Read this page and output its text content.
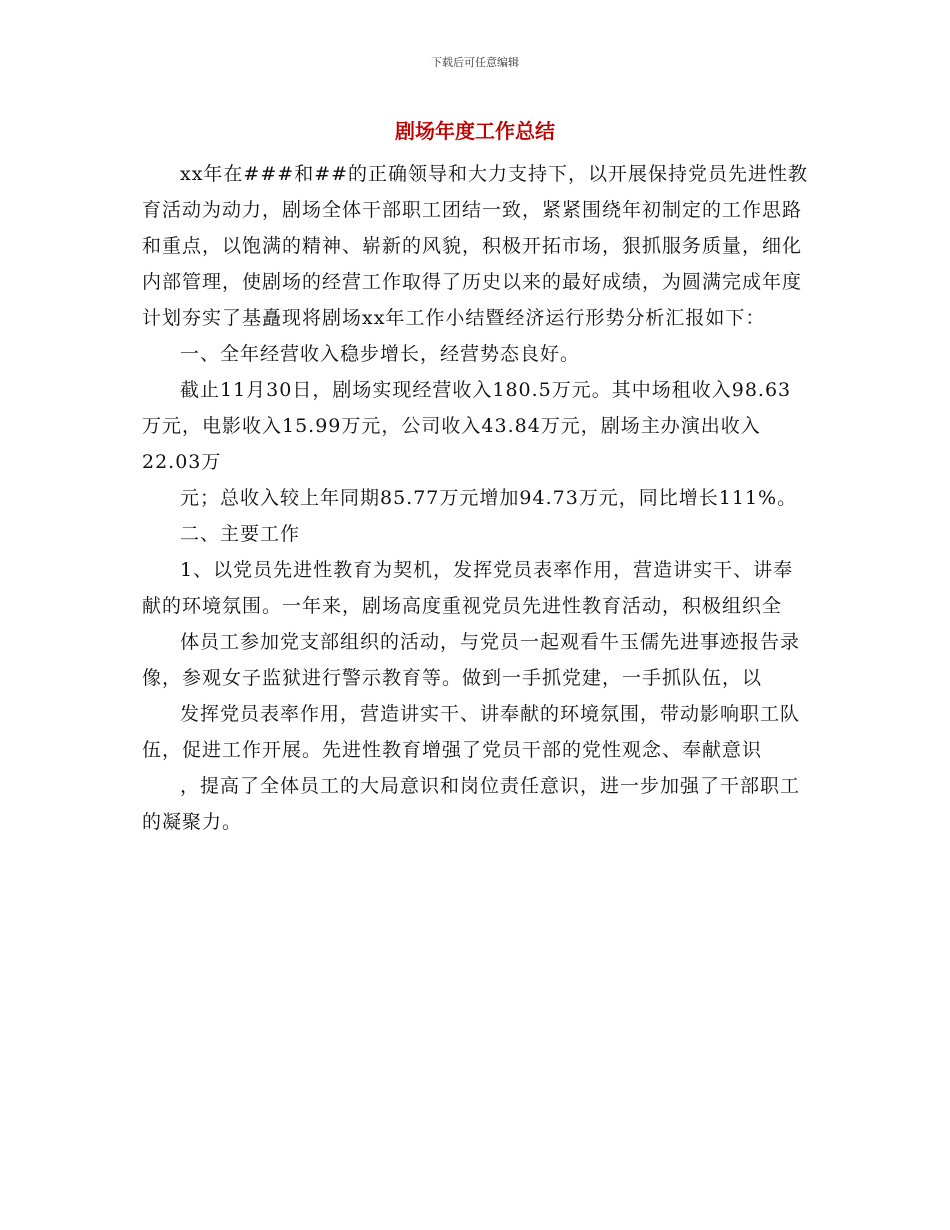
下载后可任意编辑
剧场年度工作总结

xx年在###和##的正确领导和大力支持下，以开展保持党员先进性教育活动为动力，剧场全体干部职工团结一致，紧紧围绕年初制定的工作思路和重点，以饱满的精神、崭新的风貌，积极开拓市场，狠抓服务质量，细化内部管理，使剧场的经营工作取得了历史以来的最好成绩，为圆满完成年度计划夯实了基矗现将剧场xx年工作小结暨经济运行形势分析汇报如下：

一、全年经营收入稳步增长，经营势态良好。

截止11月30日，剧场实现经营收入180.5万元。其中场租收入98.63万元，电影收入15.99万元，公司收入43.84万元，剧场主办演出收入22.03万

元；总收入较上年同期85.77万元增加94.73万元，同比增长111%。

二、主要工作

1、以党员先进性教育为契机，发挥党员表率作用，营造讲实干、讲奉献的环境氛围。一年来，剧场高度重视党员先进性教育活动，积极组织全

体员工参加党支部组织的活动，与党员一起观看牛玉儒先进事迹报告录像，参观女子监狱进行警示教育等。做到一手抓党建，一手抓队伍，以

发挥党员表率作用，营造讲实干、讲奉献的环境氛围，带动影响职工队伍，促进工作开展。先进性教育增强了党员干部的党性观念、奉献意识

，提高了全体员工的大局意识和岗位责任意识，进一步加强了干部职工的凝聚力。
